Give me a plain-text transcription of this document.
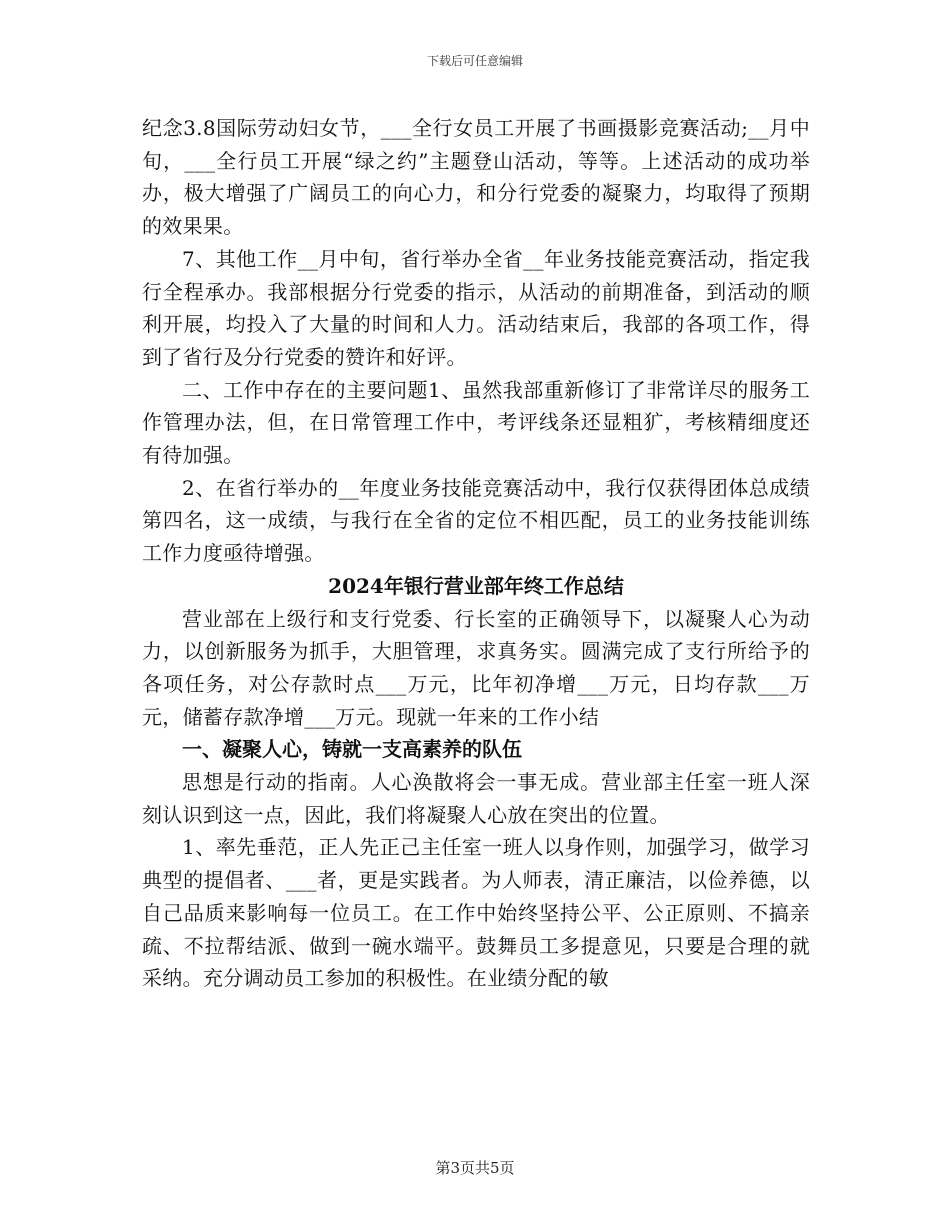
下载后可任意编辑

纪念3.8国际劳动妇女节，___全行女员工开展了书画摄影竞赛活动;__月中旬，___全行员工开展“绿之约”主题登山活动，等等。上述活动的成功举办，极大增强了广阔员工的向心力，和分行党委的凝聚力，均取得了预期的效果果。

7、其他工作__月中旬，省行举办全省__年业务技能竞赛活动，指定我行全程承办。我部根据分行党委的指示，从活动的前期准备，到活动的顺利开展，均投入了大量的时间和人力。活动结束后，我部的各项工作，得到了省行及分行党委的赞许和好评。

二、工作中存在的主要问题1、虽然我部重新修订了非常详尽的服务工作管理办法，但，在日常管理工作中，考评线条还显粗犷，考核精细度还有待加强。

2、在省行举办的__年度业务技能竞赛活动中，我行仅获得团体总成绩第四名，这一成绩，与我行在全省的定位不相匹配，员工的业务技能训练工作力度亟待增强。

2024年银行营业部年终工作总结

营业部在上级行和支行党委、行长室的正确领导下，以凝聚人心为动力，以创新服务为抓手，大胆管理，求真务实。圆满完成了支行所给予的各项任务，对公存款时点___万元，比年初净增___万元，日均存款___万元，储蓄存款净增___万元。现就一年来的工作小结

一、凝聚人心，铸就一支高素养的队伍

思想是行动的指南。人心涣散将会一事无成。营业部主任室一班人深刻认识到这一点，因此，我们将凝聚人心放在突出的位置。

1、率先垂范，正人先正己主任室一班人以身作则，加强学习，做学习典型的提倡者、___者，更是实践者。为人师表，清正廉洁，以俭养德，以自己品质来影响每一位员工。在工作中始终坚持公平、公正原则、不搞亲疏、不拉帮结派、做到一碗水端平。鼓舞员工多提意见，只要是合理的就采纳。充分调动员工参加的积极性。在业绩分配的敏

第3页共5页
